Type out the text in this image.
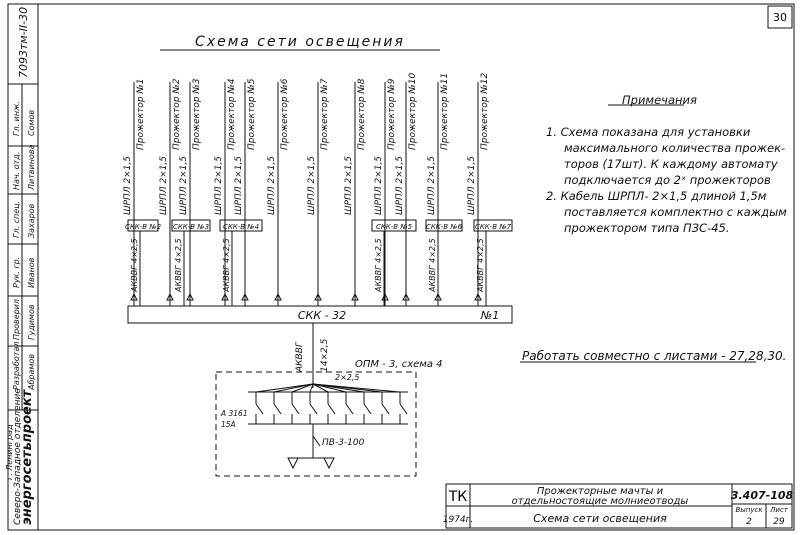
7093тм-II-30
Гл. инж. Сомов
Нач. отд. Литвинова
Гл. спец. Захаров
Рук. гр. Иванов
Проверил Гудимов
Разработал Абрамов
энергосетьпроект
Северо-Западное отделение
г. Ленинград
30
Схема сети освещения
ШРПЛ 2×1,5
Прожектор №1
ШРПЛ 2×1,5
Прожектор №2
ШРПЛ 2×1,5
Прожектор №3
ШРПЛ 2×1,5
Прожектор №4
ШРПЛ 2×1,5
Прожектор №5
ШРПЛ 2×1,5
Прожектор №6
ШРПЛ 2×1,5
Прожектор №7
ШРПЛ 2×1,5
Прожектор №8
ШРПЛ 2×1,5
Прожектор №9
ШРПЛ 2×1,5
Прожектор №10
ШРПЛ 2×1,5
Прожектор №11
ШРПЛ 2×1,5
Прожектор №12
СКК-В №2
АКВВГ 4×2,5
СКК-В №3
АКВВГ 4×2,5
СКК-В №4
АКВВГ 4×2,5
СКК-В №5
АКВВГ 4×2,5
СКК-В №6
АКВВГ 4×2,5
СКК-В №7
АКВВГ 4×2,5
СКК - 32	№1
АКВВГ 14×2,5	ОПМ - 3, схема 4
2×2,5
А 3161 15А
ПВ-3-100
ТК
1974г.
Прожекторные мачты и
отдельностоящие молниеотводы
Схема сети освещения
3.407-108
Выпуск
2
Лист
29
Примечания
1. Схема показана для установки
максимального количества прожек-
торов (17шт). К каждому автомату
подключается до 2ˣ прожекторов
2. Кабель ШРПЛ- 2×1,5 длиной 1,5м
поставляется комплектно с каждым
прожектором типа ПЗС-45.
Работать совместно с листами - 27,28,30.
